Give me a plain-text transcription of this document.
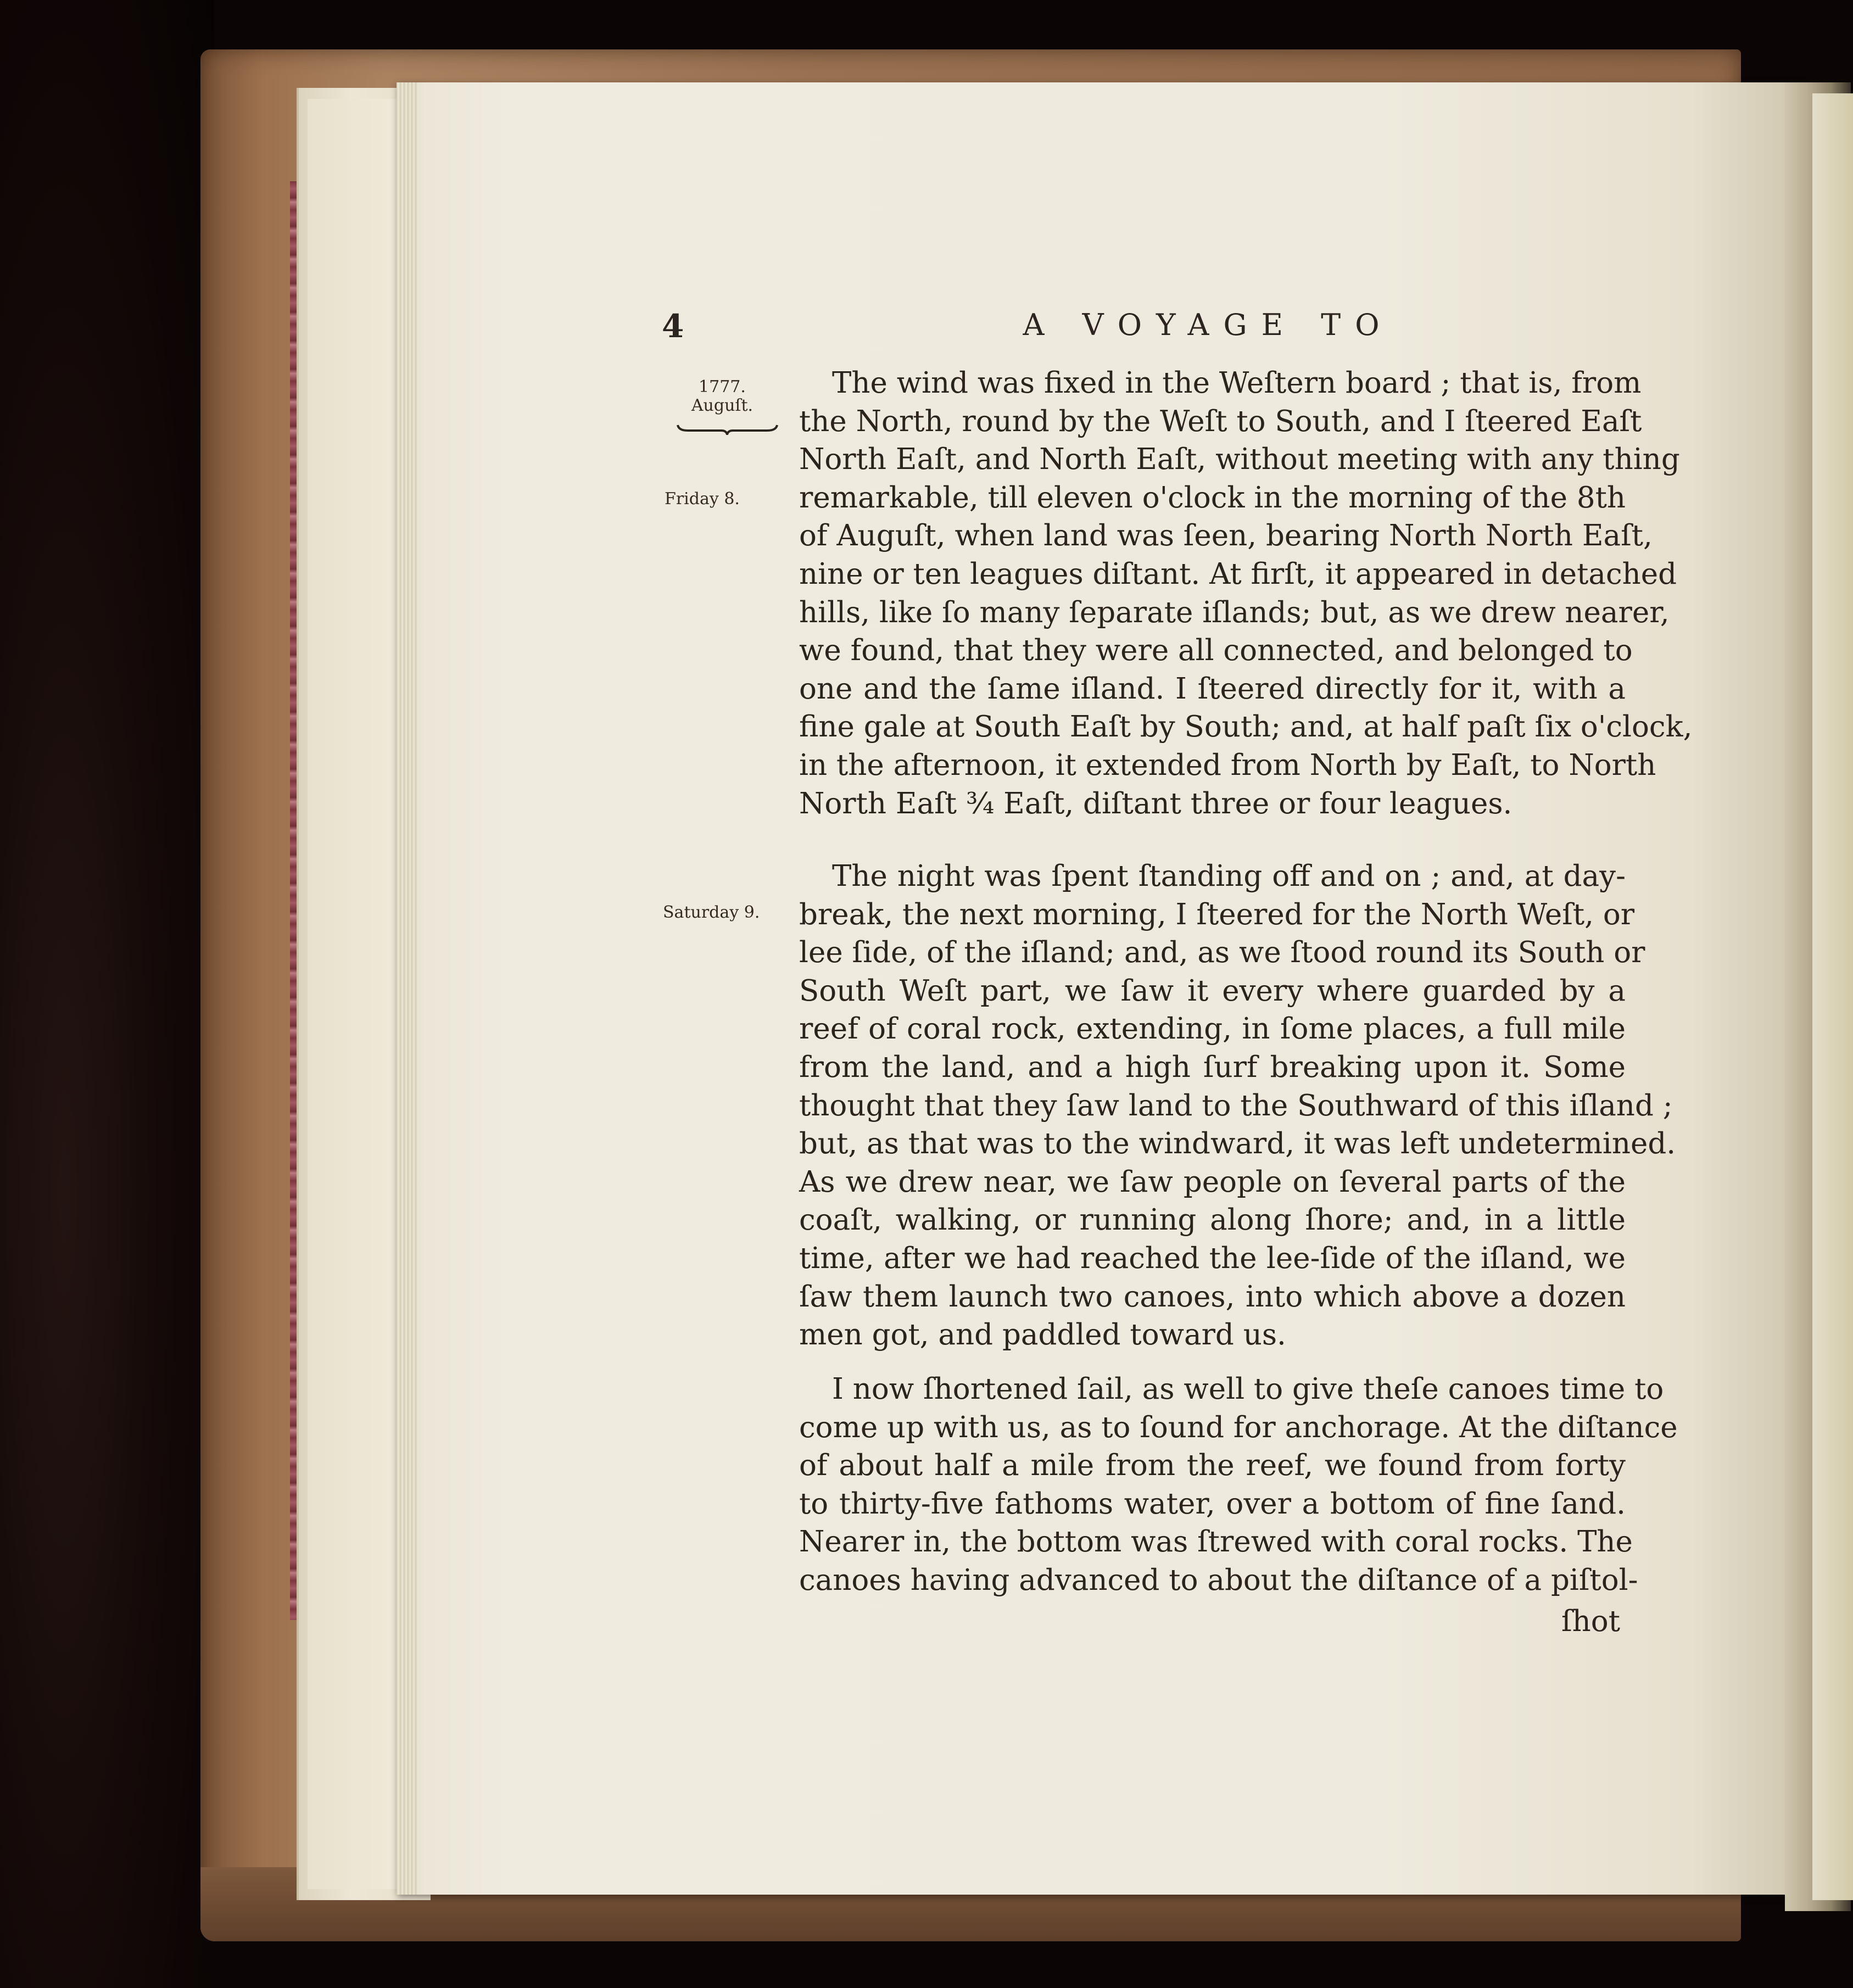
4	A VOYAGE TO
1777.
Auguſt.
Friday 8.
Saturday 9.
The wind was fixed in the Weſtern board ; that is, from
the North, round by the Weſt to South, and I ſteered Eaſt
North Eaſt, and North Eaſt, without meeting with any thing
remarkable, till eleven o'clock in the morning of the 8th
of Auguſt, when land was ſeen, bearing North North Eaſt,
nine or ten leagues diſtant. At firſt, it appeared in detached
hills, like ſo many ſeparate iſlands; but, as we drew nearer,
we found, that they were all connected, and belonged to
one and the ſame iſland. I ſteered directly for it, with a
fine gale at South Eaſt by South; and, at half paſt ſix o'clock,
in the afternoon, it extended from North by Eaſt, to North
North Eaſt ¾ Eaſt, diſtant three or four leagues.
The night was ſpent ſtanding off and on ; and, at day-
break, the next morning, I ſteered for the North Weſt, or
lee ſide, of the iſland; and, as we ſtood round its South or
South Weſt part, we ſaw it every where guarded by a
reef of coral rock, extending, in ſome places, a full mile
from the land, and a high ſurf breaking upon it. Some
thought that they ſaw land to the Southward of this iſland ;
but, as that was to the windward, it was left undetermined.
As we drew near, we ſaw people on ſeveral parts of the
coaſt, walking, or running along ſhore; and, in a little
time, after we had reached the lee-ſide of the iſland, we
ſaw them launch two canoes, into which above a dozen
men got, and paddled toward us.
I now ſhortened ſail, as well to give theſe canoes time to
come up with us, as to ſound for anchorage. At the diſtance
of about half a mile from the reef, we found from forty
to thirty-five fathoms water, over a bottom of fine ſand.
Nearer in, the bottom was ſtrewed with coral rocks. The
canoes having advanced to about the diſtance of a piſtol-
ſhot
